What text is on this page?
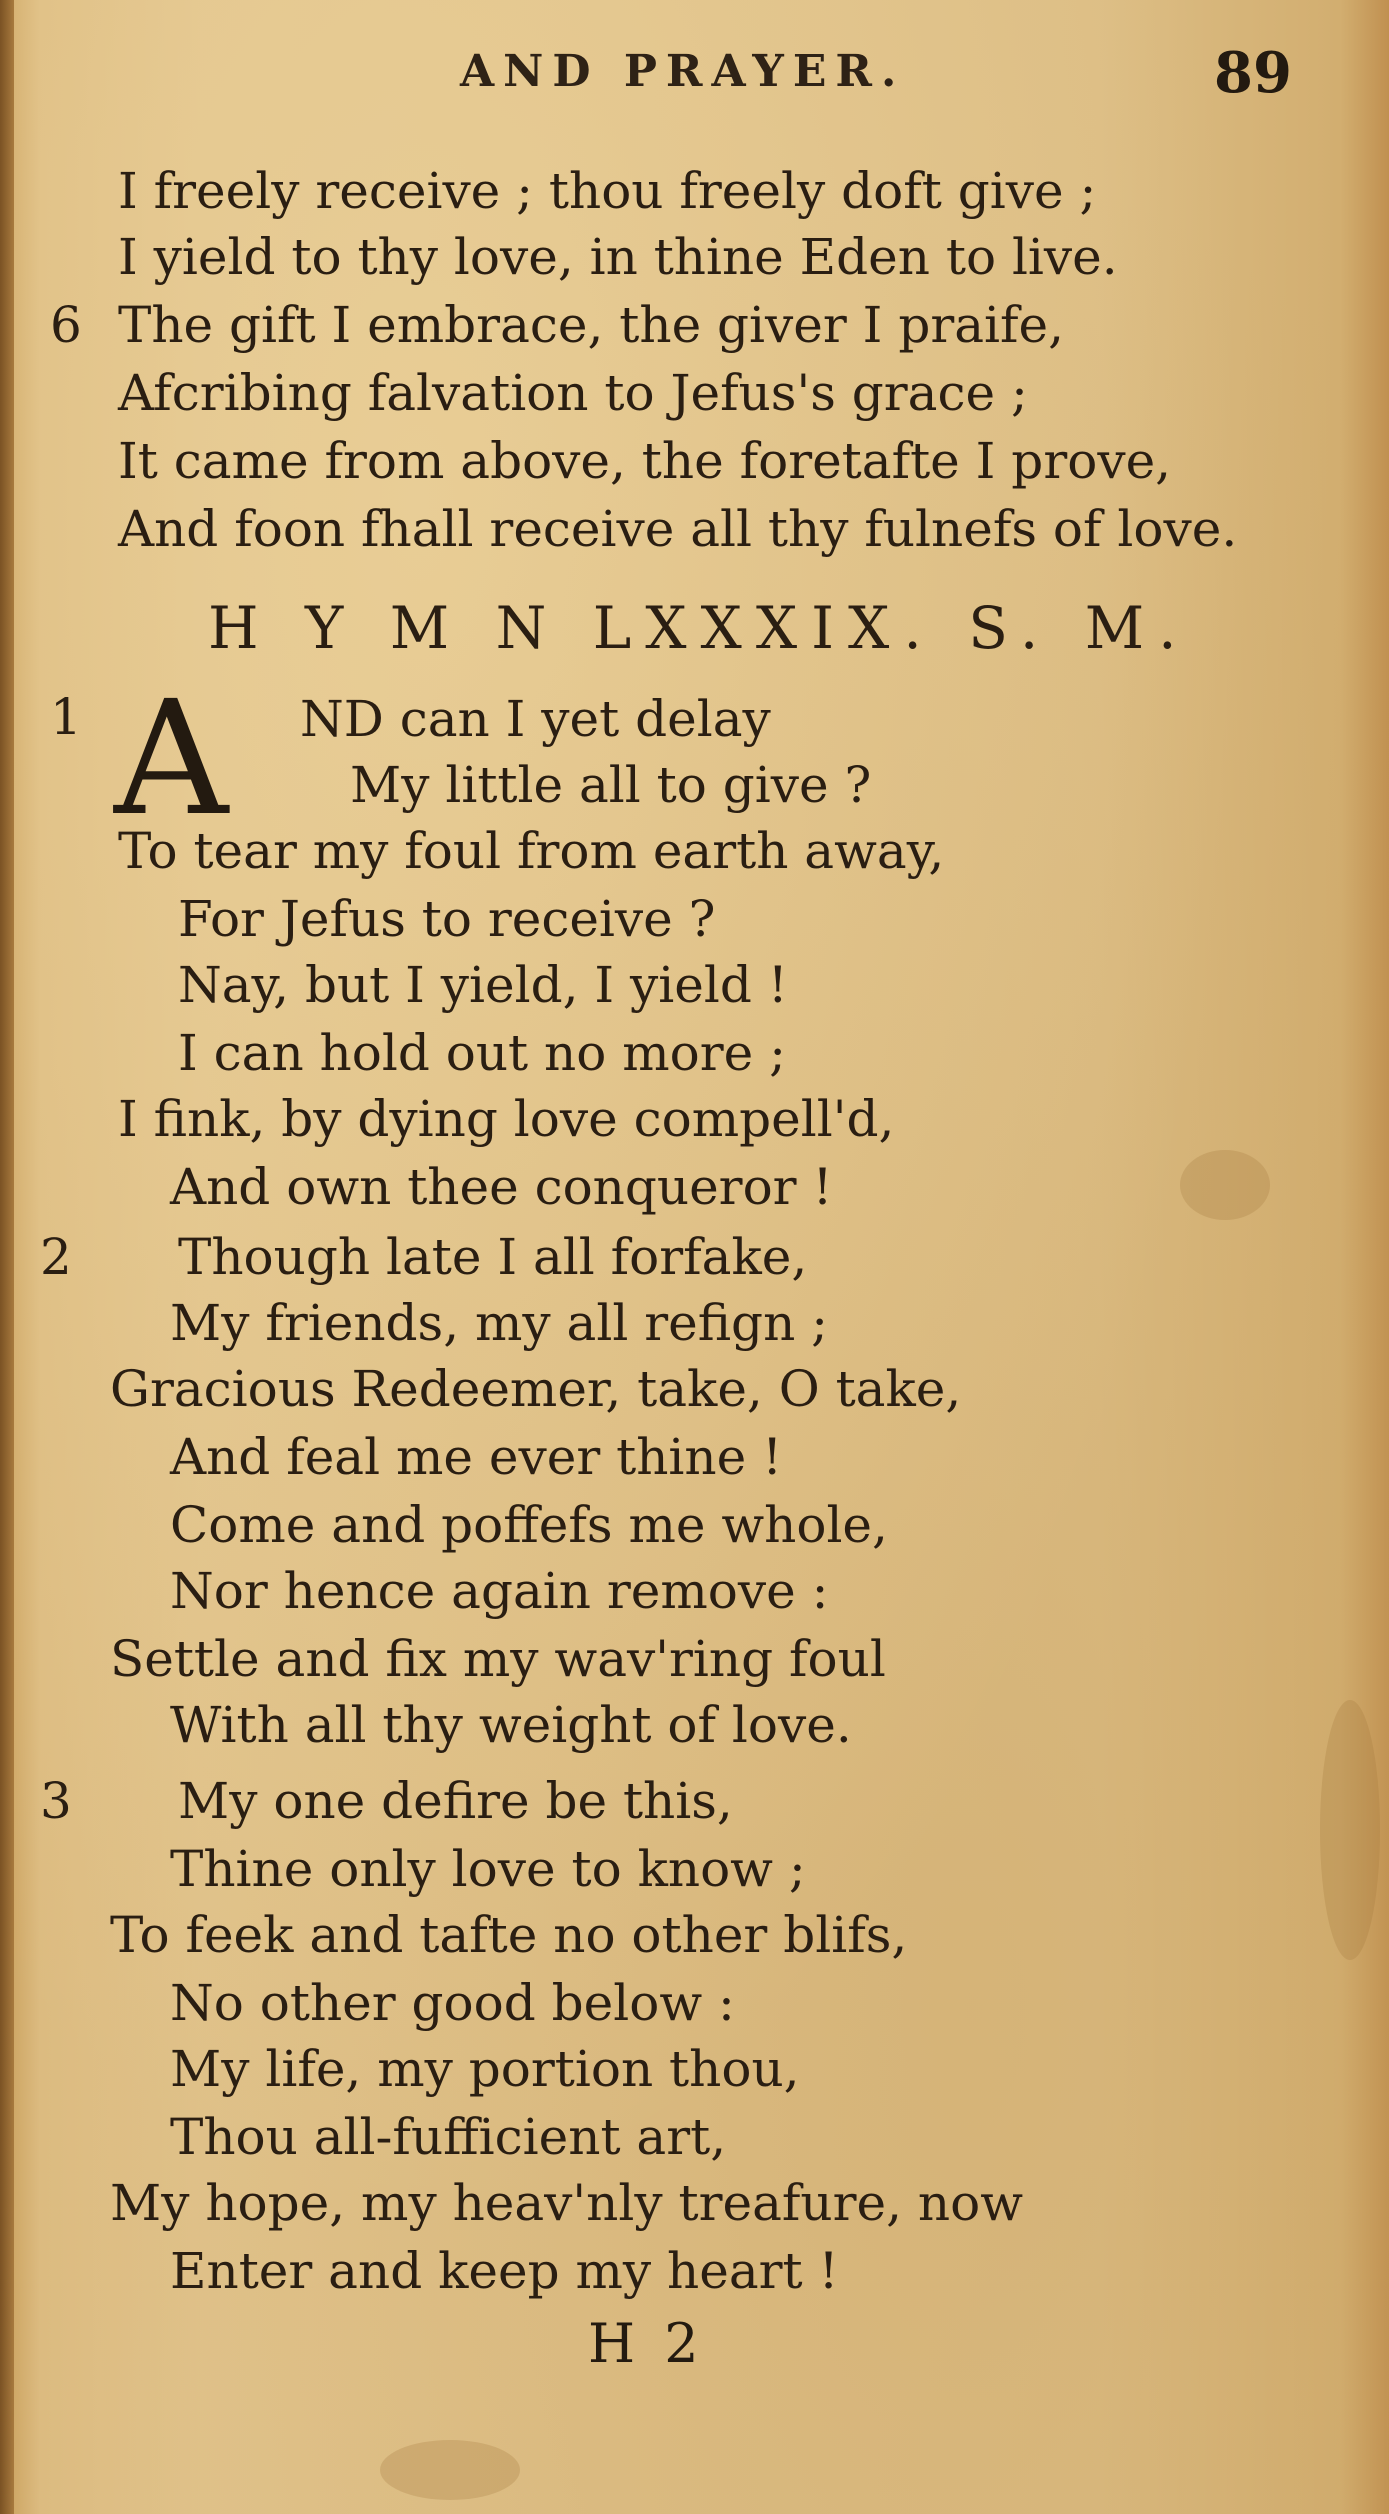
AND PRAYER.	89
I freely receive ; thou freely doft give ;
I yield to thy love, in thine Eden to live.
6 The gift I embrace, the giver I praife,
Afcribing falvation to Jefus's grace ;
It came from above, the foretafte I prove,
And foon fhall receive all thy fulnefs of love.
H Y M N LXXXIX. S. M.
1 A ND can I yet delay
My little all to give ?
To tear my foul from earth away,
For Jefus to receive ?
Nay, but I yield, I yield !
I can hold out no more ;
I fink, by dying love compell'd,
And own thee conqueror !
2 Though late I all forfake,
My friends, my all refign ;
Gracious Redeemer, take, O take,
And feal me ever thine !
Come and poffefs me whole,
Nor hence again remove :
Settle and fix my wav'ring foul
With all thy weight of love.
3 My one defire be this,
Thine only love to know ;
To feek and tafte no other blifs,
No other good below :
My life, my portion thou,
Thou all-fufficient art,
My hope, my heav'nly treafure, now
Enter and keep my heart !
H 2
